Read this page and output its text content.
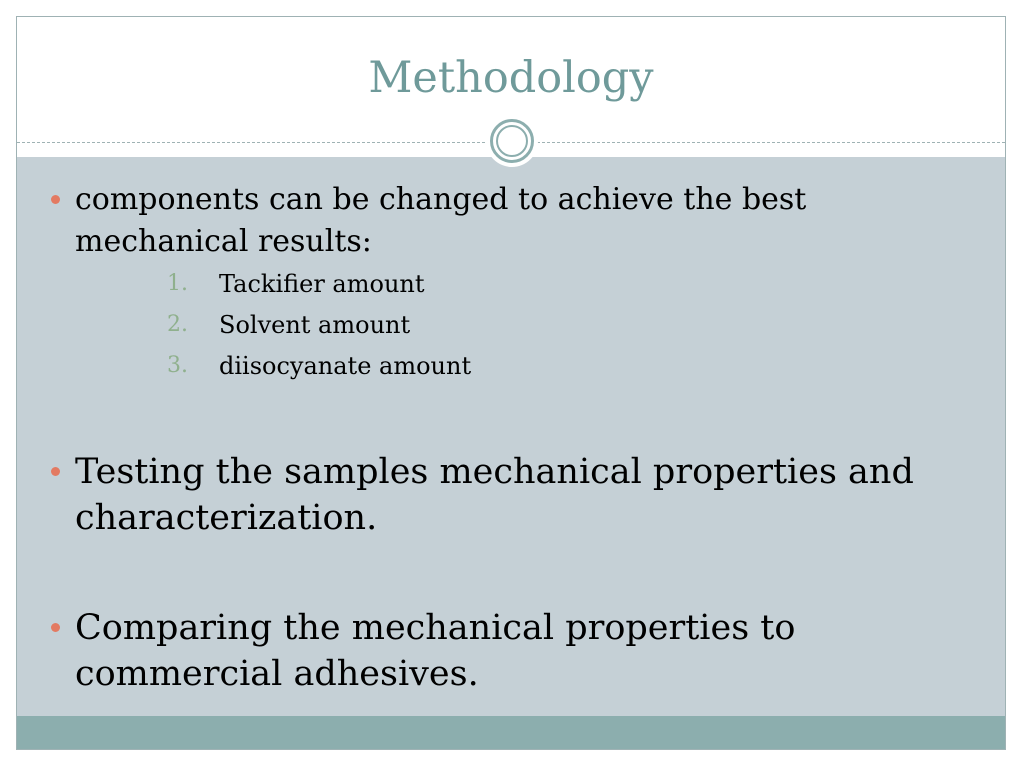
Methodology
components can be changed to achieve the best mechanical results:
1.	Tackifier amount
2.	Solvent amount
3.	diisocyanate amount
Testing the samples mechanical properties and characterization.
Comparing the mechanical properties to commercial adhesives.
